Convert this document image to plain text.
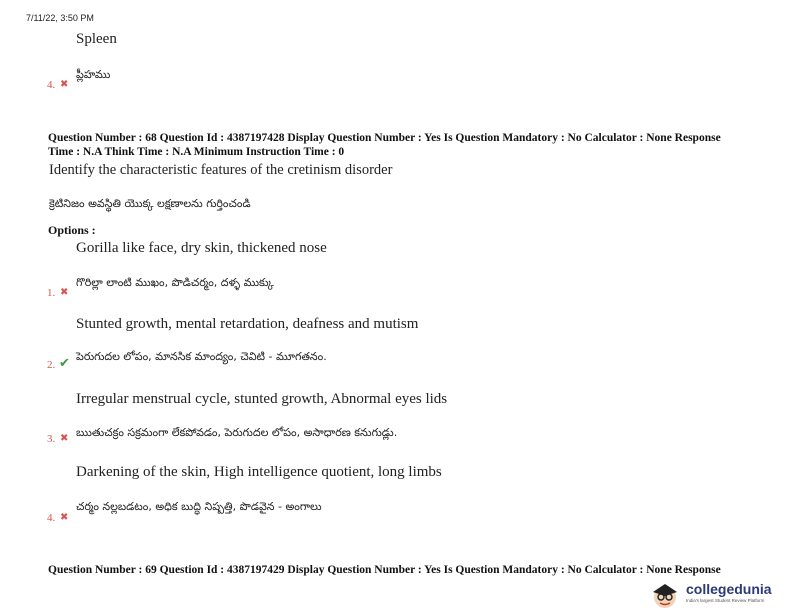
7/11/22, 3:50 PM
Spleen
ప్లీహము
4. ✖
Question Number : 68 Question Id : 4387197428 Display Question Number : Yes Is Question Mandatory : No Calculator : None Response
Time : N.A Think Time : N.A Minimum Instruction Time : 0
Identify the characteristic features of the cretinism disorder
క్రెటినిజం అవస్థితి యొక్క లక్షణాలను గుర్తించండి
Options :
Gorilla like face, dry skin, thickened nose
గొరిల్లా లాంటి ముఖం, పొడిచర్మం, దళ్ళ ముక్కు
1. ✖
Stunted growth, mental retardation, deafness and mutism
పెరుగుదల లోపం, మానసిక మాంద్యం, చెవిటి - మూగతనం.
2. ✔
Irregular menstrual cycle, stunted growth, Abnormal eyes lids
ఋతుచక్రం సక్రమంగా లేకపోవడం, పెరుగుదల లోపం, అసాధారణ కనుగుడ్లు.
3. ✖
Darkening of the skin, High intelligence quotient, long limbs
చర్మం నల్లబడటం, అధిక బుద్ధి నిష్పత్తి, పొడవైన - అంగాలు
4. ✖
Question Number : 69 Question Id : 4387197429 Display Question Number : Yes Is Question Mandatory : No Calculator : None Response
collegedunia
India's largest Student Review Platform
